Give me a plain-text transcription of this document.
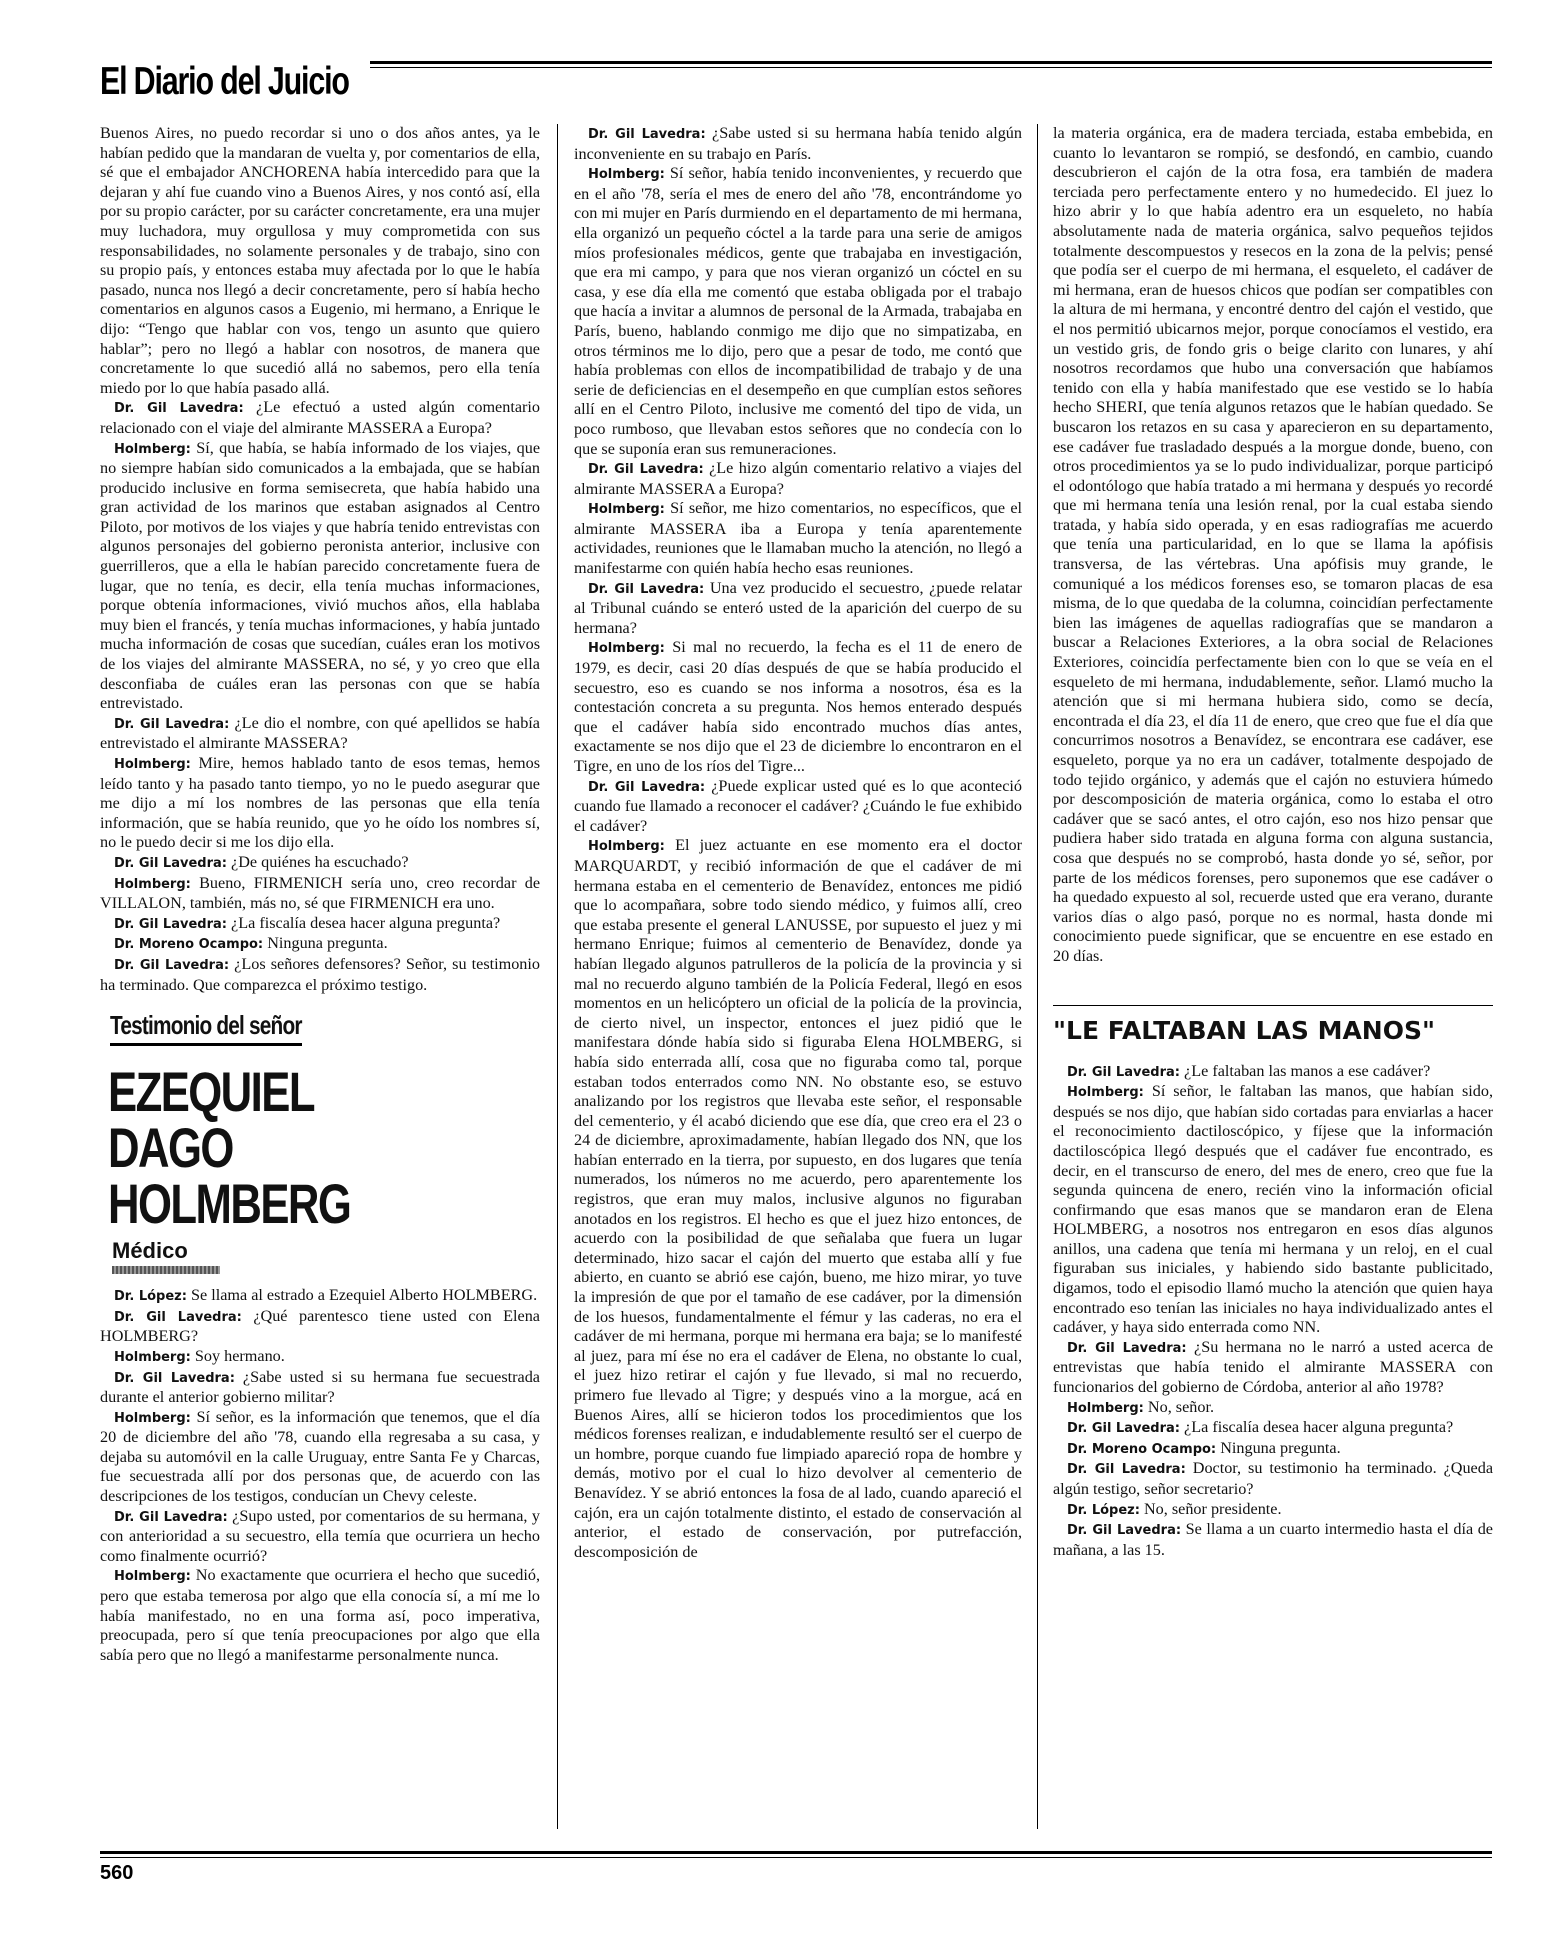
El Diario del Juicio

Buenos Aires, no puedo recordar si uno o dos años antes, ya le habían pedido que la mandaran de vuelta y, por comentarios de ella, sé que el embajador ANCHORENA había intercedido para que la dejaran y ahí fue cuando vino a Buenos Aires, y nos contó así, ella por su propio carácter, por su carácter concretamente, era una mujer muy luchadora, muy orgullosa y muy comprometida con sus responsabilidades, no solamente personales y de trabajo, sino con su propio país, y entonces estaba muy afectada por lo que le había pasado, nunca nos llegó a decir concretamente, pero sí había hecho comentarios en algunos casos a Eugenio, mi hermano, a Enrique le dijo: “Tengo que hablar con vos, tengo un asunto que quiero hablar”; pero no llegó a hablar con nosotros, de manera que concretamente lo que sucedió allá no sabemos, pero ella tenía miedo por lo que había pasado allá.

Dr. Gil Lavedra: ¿Le efectuó a usted algún comentario relacionado con el viaje del almirante MASSERA a Europa?

Holmberg: Sí, que había, se había informado de los viajes, que no siempre habían sido comunicados a la embajada, que se habían producido inclusive en forma semisecreta, que había habido una gran actividad de los marinos que estaban asignados al Centro Piloto, por motivos de los viajes y que habría tenido entrevistas con algunos personajes del gobierno peronista anterior, inclusive con guerrilleros, que a ella le habían parecido concretamente fuera de lugar, que no tenía, es decir, ella tenía muchas informaciones, porque obtenía informaciones, vivió muchos años, ella hablaba muy bien el francés, y tenía muchas informaciones, y había juntado mucha información de cosas que sucedían, cuáles eran los motivos de los viajes del almirante MASSERA, no sé, y yo creo que ella desconfiaba de cuáles eran las personas con que se había entrevistado.

Dr. Gil Lavedra: ¿Le dio el nombre, con qué apellidos se había entrevistado el almirante MASSERA?

Holmberg: Mire, hemos hablado tanto de esos temas, hemos leído tanto y ha pasado tanto tiempo, yo no le puedo asegurar que me dijo a mí los nombres de las personas que ella tenía información, que se había reunido, que yo he oído los nombres sí, no le puedo decir si me los dijo ella.

Dr. Gil Lavedra: ¿De quiénes ha escuchado?

Holmberg: Bueno, FIRMENICH sería uno, creo recordar de VILLALON, también, más no, sé que FIRMENICH era uno.

Dr. Gil Lavedra: ¿La fiscalía desea hacer alguna pregunta?

Dr. Moreno Ocampo: Ninguna pregunta.

Dr. Gil Lavedra: ¿Los señores defensores? Señor, su testimonio ha terminado. Que comparezca el próximo testigo.

Testimonio del señor
EZEQUIEL DAGO
HOLMBERG
Médico

Dr. López: Se llama al estrado a Ezequiel Alberto HOLMBERG.

Dr. Gil Lavedra: ¿Qué parentesco tiene usted con Elena HOLMBERG?

Holmberg: Soy hermano.

Dr. Gil Lavedra: ¿Sabe usted si su hermana fue secuestrada durante el anterior gobierno militar?

Holmberg: Sí señor, es la información que tenemos, que el día 20 de diciembre del año '78, cuando ella regresaba a su casa, y dejaba su automóvil en la calle Uruguay, entre Santa Fe y Charcas, fue secuestrada allí por dos personas que, de acuerdo con las descripciones de los testigos, conducían un Chevy celeste.

Dr. Gil Lavedra: ¿Supo usted, por comentarios de su hermana, y con anterioridad a su secuestro, ella temía que ocurriera un hecho como finalmente ocurrió?

Holmberg: No exactamente que ocurriera el hecho que sucedió, pero que estaba temerosa por algo que ella conocía sí, a mí me lo había manifestado, no en una forma así, poco imperativa, preocupada, pero sí que tenía preocupaciones por algo que ella sabía pero que no llegó a manifestarme personalmente nunca.

Dr. Gil Lavedra: ¿Sabe usted si su hermana había tenido algún inconveniente en su trabajo en París.

Holmberg: Sí señor, había tenido inconvenientes, y recuerdo que en el año '78, sería el mes de enero del año '78, encontrándome yo con mi mujer en París durmiendo en el departamento de mi hermana, ella organizó un pequeño cóctel a la tarde para una serie de amigos míos profesionales médicos, gente que trabajaba en investigación, que era mi campo, y para que nos vieran organizó un cóctel en su casa, y ese día ella me comentó que estaba obligada por el trabajo que hacía a invitar a alumnos de personal de la Armada, trabajaba en París, bueno, hablando conmigo me dijo que no simpatizaba, en otros términos me lo dijo, pero que a pesar de todo, me contó que había problemas con ellos de incompatibilidad de trabajo y de una serie de deficiencias en el desempeño en que cumplían estos señores allí en el Centro Piloto, inclusive me comentó del tipo de vida, un poco rumboso, que llevaban estos señores que no condecía con lo que se suponía eran sus remuneraciones.

Dr. Gil Lavedra: ¿Le hizo algún comentario relativo a viajes del almirante MASSERA a Europa?

Holmberg: Sí señor, me hizo comentarios, no específicos, que el almirante MASSERA iba a Europa y tenía aparentemente actividades, reuniones que le llamaban mucho la atención, no llegó a manifestarme con quién había hecho esas reuniones.

Dr. Gil Lavedra: Una vez producido el secuestro, ¿puede relatar al Tribunal cuándo se enteró usted de la aparición del cuerpo de su hermana?

Holmberg: Si mal no recuerdo, la fecha es el 11 de enero de 1979, es decir, casi 20 días después de que se había producido el secuestro, eso es cuando se nos informa a nosotros, ésa es la contestación concreta a su pregunta. Nos hemos enterado después que el cadáver había sido encontrado muchos días antes, exactamente se nos dijo que el 23 de diciembre lo encontraron en el Tigre, en uno de los ríos del Tigre...

Dr. Gil Lavedra: ¿Puede explicar usted qué es lo que aconteció cuando fue llamado a reconocer el cadáver? ¿Cuándo le fue exhibido el cadáver?

Holmberg: El juez actuante en ese momento era el doctor MARQUARDT, y recibió información de que el cadáver de mi hermana estaba en el cementerio de Benavídez, entonces me pidió que lo acompañara, sobre todo siendo médico, y fuimos allí, creo que estaba presente el general LANUSSE, por supuesto el juez y mi hermano Enrique; fuimos al cementerio de Benavídez, donde ya habían llegado algunos patrulleros de la policía de la provincia y si mal no recuerdo alguno también de la Policía Federal, llegó en esos momentos en un helicóptero un oficial de la policía de la provincia, de cierto nivel, un inspector, entonces el juez pidió que le manifestara dónde había sido si figuraba Elena HOLMBERG, si había sido enterrada allí, cosa que no figuraba como tal, porque estaban todos enterrados como NN. No obstante eso, se estuvo analizando por los registros que llevaba este señor, el responsable del cementerio, y él acabó diciendo que ese día, que creo era el 23 o 24 de diciembre, aproximadamente, habían llegado dos NN, que los habían enterrado en la tierra, por supuesto, en dos lugares que tenía numerados, los números no me acuerdo, pero aparentemente los registros, que eran muy malos, inclusive algunos no figuraban anotados en los registros. El hecho es que el juez hizo entonces, de acuerdo con la posibilidad de que señalaba que fuera un lugar determinado, hizo sacar el cajón del muerto que estaba allí y fue abierto, en cuanto se abrió ese cajón, bueno, me hizo mirar, yo tuve la impresión de que por el tamaño de ese cadáver, por la dimensión de los huesos, fundamentalmente el fémur y las caderas, no era el cadáver de mi hermana, porque mi hermana era baja; se lo manifesté al juez, para mí ése no era el cadáver de Elena, no obstante lo cual, el juez hizo retirar el cajón y fue llevado, si mal no recuerdo, primero fue llevado al Tigre; y después vino a la morgue, acá en Buenos Aires, allí se hicieron todos los procedimientos que los médicos forenses realizan, e indudablemente resultó ser el cuerpo de un hombre, porque cuando fue limpiado apareció ropa de hombre y demás, motivo por el cual lo hizo devolver al cementerio de Benavídez. Y se abrió entonces la fosa de al lado, cuando apareció el cajón, era un cajón totalmente distinto, el estado de conservación al anterior, el estado de conservación, por putrefacción, descomposición de

la materia orgánica, era de madera terciada, estaba embebida, en cuanto lo levantaron se rompió, se desfondó, en cambio, cuando descubrieron el cajón de la otra fosa, era también de madera terciada pero perfectamente entero y no humedecido. El juez lo hizo abrir y lo que había adentro era un esqueleto, no había absolutamente nada de materia orgánica, salvo pequeños tejidos totalmente descompuestos y resecos en la zona de la pelvis; pensé que podía ser el cuerpo de mi hermana, el esqueleto, el cadáver de mi hermana, eran de huesos chicos que podían ser compatibles con la altura de mi hermana, y encontré dentro del cajón el vestido, que el nos permitió ubicarnos mejor, porque conocíamos el vestido, era un vestido gris, de fondo gris o beige clarito con lunares, y ahí nosotros recordamos que hubo una conversación que habíamos tenido con ella y había manifestado que ese vestido se lo había hecho SHERI, que tenía algunos retazos que le habían quedado. Se buscaron los retazos en su casa y aparecieron en su departamento, ese cadáver fue trasladado después a la morgue donde, bueno, con otros procedimientos ya se lo pudo individualizar, porque participó el odontólogo que había tratado a mi hermana y después yo recordé que mi hermana tenía una lesión renal, por la cual estaba siendo tratada, y había sido operada, y en esas radiografías me acuerdo que tenía una particularidad, en lo que se llama la apófisis transversa, de las vértebras. Una apófisis muy grande, le comuniqué a los médicos forenses eso, se tomaron placas de esa misma, de lo que quedaba de la columna, coincidían perfectamente bien las imágenes de aquellas radiografías que se mandaron a buscar a Relaciones Exteriores, a la obra social de Relaciones Exteriores, coincidía perfectamente bien con lo que se veía en el esqueleto de mi hermana, indudablemente, señor. Llamó mucho la atención que si mi hermana hubiera sido, como se decía, encontrada el día 23, el día 11 de enero, que creo que fue el día que concurrimos nosotros a Benavídez, se encontrara ese cadáver, ese esqueleto, porque ya no era un cadáver, totalmente despojado de todo tejido orgánico, y además que el cajón no estuviera húmedo por descomposición de materia orgánica, como lo estaba el otro cadáver que se sacó antes, el otro cajón, eso nos hizo pensar que pudiera haber sido tratada en alguna forma con alguna sustancia, cosa que después no se comprobó, hasta donde yo sé, señor, por parte de los médicos forenses, pero suponemos que ese cadáver o ha quedado expuesto al sol, recuerde usted que era verano, durante varios días o algo pasó, porque no es normal, hasta donde mi conocimiento puede significar, que se encuentre en ese estado en 20 días.

"LE FALTABAN LAS MANOS"

Dr. Gil Lavedra: ¿Le faltaban las manos a ese cadáver?

Holmberg: Sí señor, le faltaban las manos, que habían sido, después se nos dijo, que habían sido cortadas para enviarlas a hacer el reconocimiento dactiloscópico, y fíjese que la información dactiloscópica llegó después que el cadáver fue encontrado, es decir, en el transcurso de enero, del mes de enero, creo que fue la segunda quincena de enero, recién vino la información oficial confirmando que esas manos que se mandaron eran de Elena HOLMBERG, a nosotros nos entregaron en esos días algunos anillos, una cadena que tenía mi hermana y un reloj, en el cual figuraban sus iniciales, y habiendo sido bastante publicitado, digamos, todo el episodio llamó mucho la atención que quien haya encontrado eso tenían las iniciales no haya individualizado antes el cadáver, y haya sido enterrada como NN.

Dr. Gil Lavedra: ¿Su hermana no le narró a usted acerca de entrevistas que había tenido el almirante MASSERA con funcionarios del gobierno de Córdoba, anterior al año 1978?

Holmberg: No, señor.

Dr. Gil Lavedra: ¿La fiscalía desea hacer alguna pregunta?

Dr. Moreno Ocampo: Ninguna pregunta.

Dr. Gil Lavedra: Doctor, su testimonio ha terminado. ¿Queda algún testigo, señor secretario?

Dr. López: No, señor presidente.

Dr. Gil Lavedra: Se llama a un cuarto intermedio hasta el día de mañana, a las 15.

560
